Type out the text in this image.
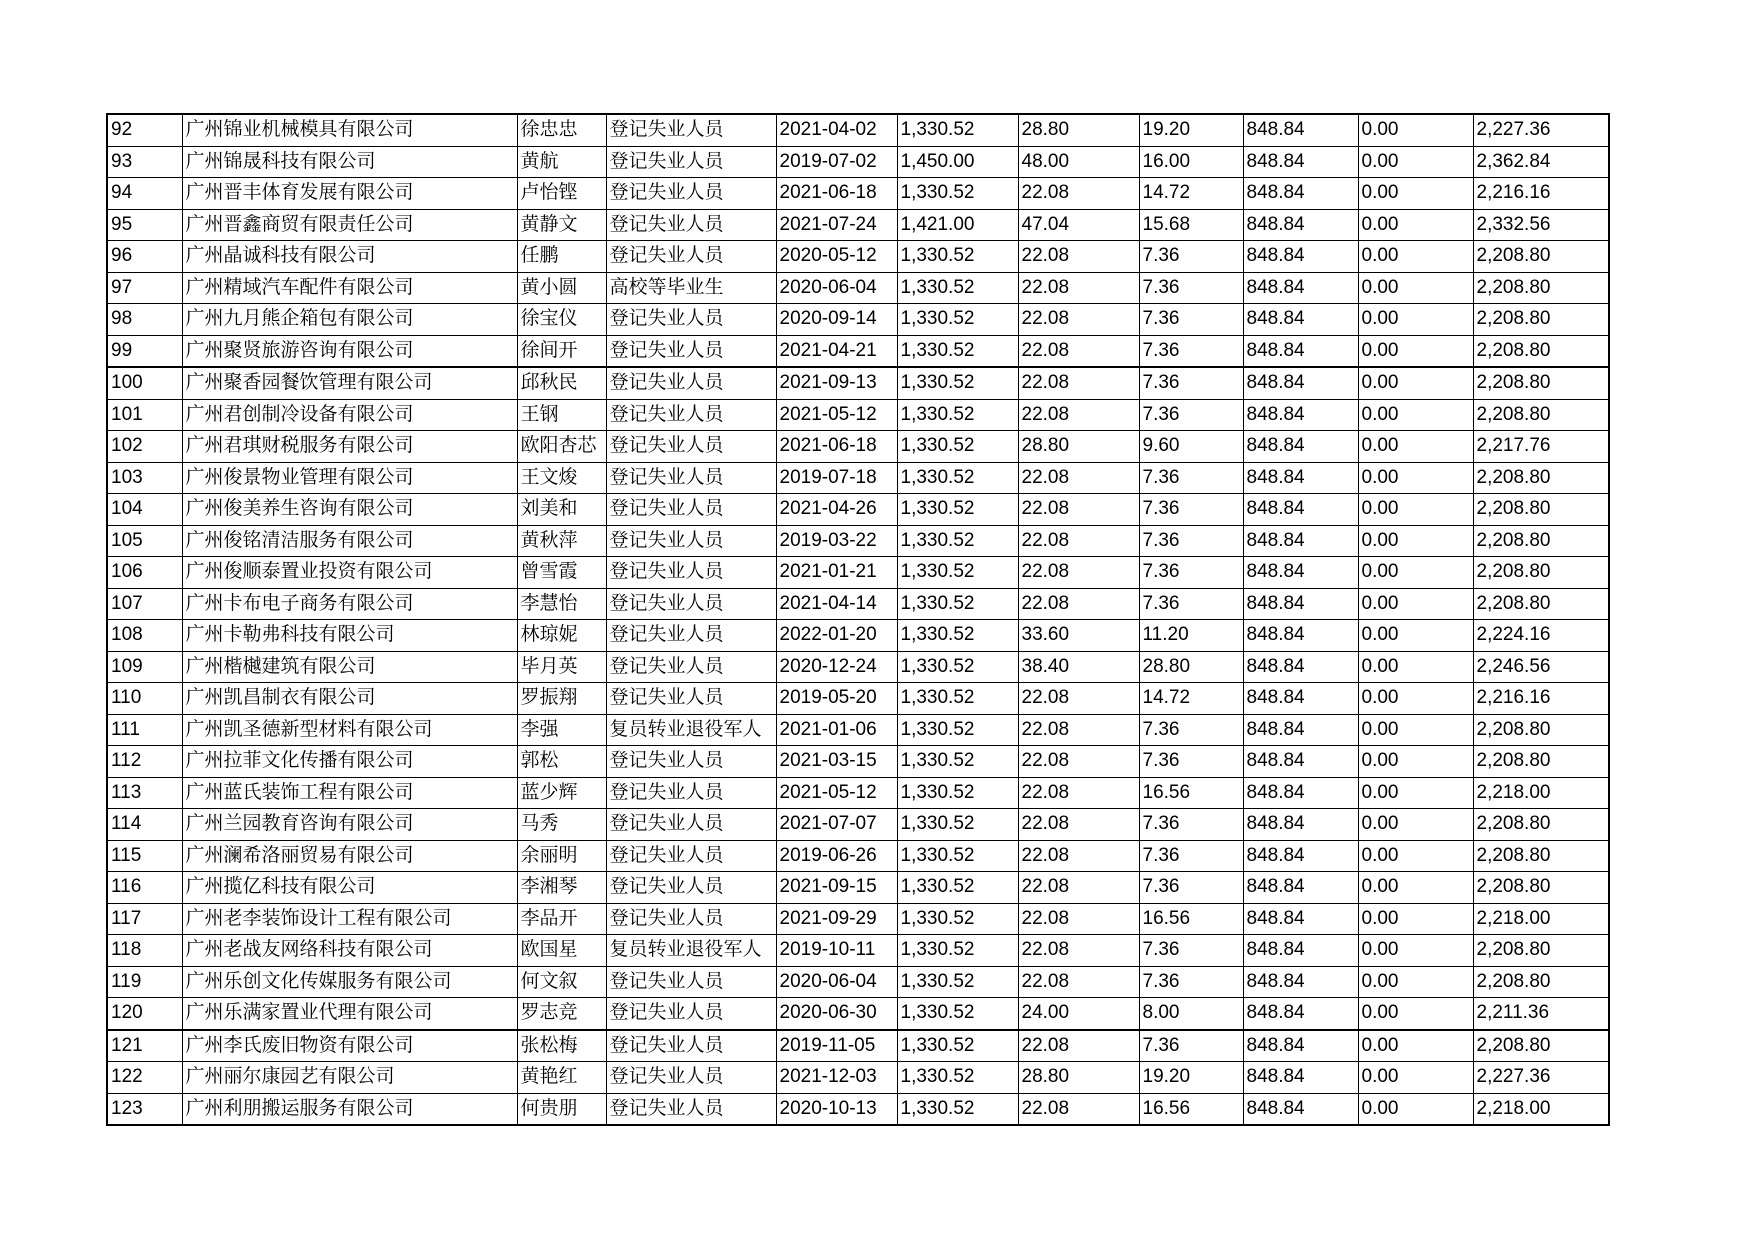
92	广州锦业机械模具有限公司	徐忠忠	登记失业人员	2021-04-02	1,330.52	28.80	19.20	848.84	0.00	2,227.36
93	广州锦晟科技有限公司	黄航	登记失业人员	2019-07-02	1,450.00	48.00	16.00	848.84	0.00	2,362.84
94	广州晋丰体育发展有限公司	卢怡铿	登记失业人员	2021-06-18	1,330.52	22.08	14.72	848.84	0.00	2,216.16
95	广州晋鑫商贸有限责任公司	黄静文	登记失业人员	2021-07-24	1,421.00	47.04	15.68	848.84	0.00	2,332.56
96	广州晶诚科技有限公司	任鹏	登记失业人员	2020-05-12	1,330.52	22.08	7.36	848.84	0.00	2,208.80
97	广州精域汽车配件有限公司	黄小圆	高校等毕业生	2020-06-04	1,330.52	22.08	7.36	848.84	0.00	2,208.80
98	广州九月熊企箱包有限公司	徐宝仪	登记失业人员	2020-09-14	1,330.52	22.08	7.36	848.84	0.00	2,208.80
99	广州聚贤旅游咨询有限公司	徐间开	登记失业人员	2021-04-21	1,330.52	22.08	7.36	848.84	0.00	2,208.80
100	广州聚香园餐饮管理有限公司	邱秋民	登记失业人员	2021-09-13	1,330.52	22.08	7.36	848.84	0.00	2,208.80
101	广州君创制冷设备有限公司	王钢	登记失业人员	2021-05-12	1,330.52	22.08	7.36	848.84	0.00	2,208.80
102	广州君琪财税服务有限公司	欧阳杏芯	登记失业人员	2021-06-18	1,330.52	28.80	9.60	848.84	0.00	2,217.76
103	广州俊景物业管理有限公司	王文焌	登记失业人员	2019-07-18	1,330.52	22.08	7.36	848.84	0.00	2,208.80
104	广州俊美养生咨询有限公司	刘美和	登记失业人员	2021-04-26	1,330.52	22.08	7.36	848.84	0.00	2,208.80
105	广州俊铭清洁服务有限公司	黄秋萍	登记失业人员	2019-03-22	1,330.52	22.08	7.36	848.84	0.00	2,208.80
106	广州俊顺泰置业投资有限公司	曾雪霞	登记失业人员	2021-01-21	1,330.52	22.08	7.36	848.84	0.00	2,208.80
107	广州卡布电子商务有限公司	李慧怡	登记失业人员	2021-04-14	1,330.52	22.08	7.36	848.84	0.00	2,208.80
108	广州卡勒弗科技有限公司	林琼妮	登记失业人员	2022-01-20	1,330.52	33.60	11.20	848.84	0.00	2,224.16
109	广州楷樾建筑有限公司	毕月英	登记失业人员	2020-12-24	1,330.52	38.40	28.80	848.84	0.00	2,246.56
110	广州凯昌制衣有限公司	罗振翔	登记失业人员	2019-05-20	1,330.52	22.08	14.72	848.84	0.00	2,216.16
111	广州凯圣德新型材料有限公司	李强	复员转业退役军人	2021-01-06	1,330.52	22.08	7.36	848.84	0.00	2,208.80
112	广州拉菲文化传播有限公司	郭松	登记失业人员	2021-03-15	1,330.52	22.08	7.36	848.84	0.00	2,208.80
113	广州蓝氏装饰工程有限公司	蓝少辉	登记失业人员	2021-05-12	1,330.52	22.08	16.56	848.84	0.00	2,218.00
114	广州兰园教育咨询有限公司	马秀	登记失业人员	2021-07-07	1,330.52	22.08	7.36	848.84	0.00	2,208.80
115	广州澜希洛丽贸易有限公司	余丽明	登记失业人员	2019-06-26	1,330.52	22.08	7.36	848.84	0.00	2,208.80
116	广州揽亿科技有限公司	李湘琴	登记失业人员	2021-09-15	1,330.52	22.08	7.36	848.84	0.00	2,208.80
117	广州老李装饰设计工程有限公司	李品开	登记失业人员	2021-09-29	1,330.52	22.08	16.56	848.84	0.00	2,218.00
118	广州老战友网络科技有限公司	欧国星	复员转业退役军人	2019-10-11	1,330.52	22.08	7.36	848.84	0.00	2,208.80
119	广州乐创文化传媒服务有限公司	何文叙	登记失业人员	2020-06-04	1,330.52	22.08	7.36	848.84	0.00	2,208.80
120	广州乐满家置业代理有限公司	罗志竞	登记失业人员	2020-06-30	1,330.52	24.00	8.00	848.84	0.00	2,211.36
121	广州李氏废旧物资有限公司	张松梅	登记失业人员	2019-11-05	1,330.52	22.08	7.36	848.84	0.00	2,208.80
122	广州丽尔康园艺有限公司	黄艳红	登记失业人员	2021-12-03	1,330.52	28.80	19.20	848.84	0.00	2,227.36
123	广州利朋搬运服务有限公司	何贵朋	登记失业人员	2020-10-13	1,330.52	22.08	16.56	848.84	0.00	2,218.00
